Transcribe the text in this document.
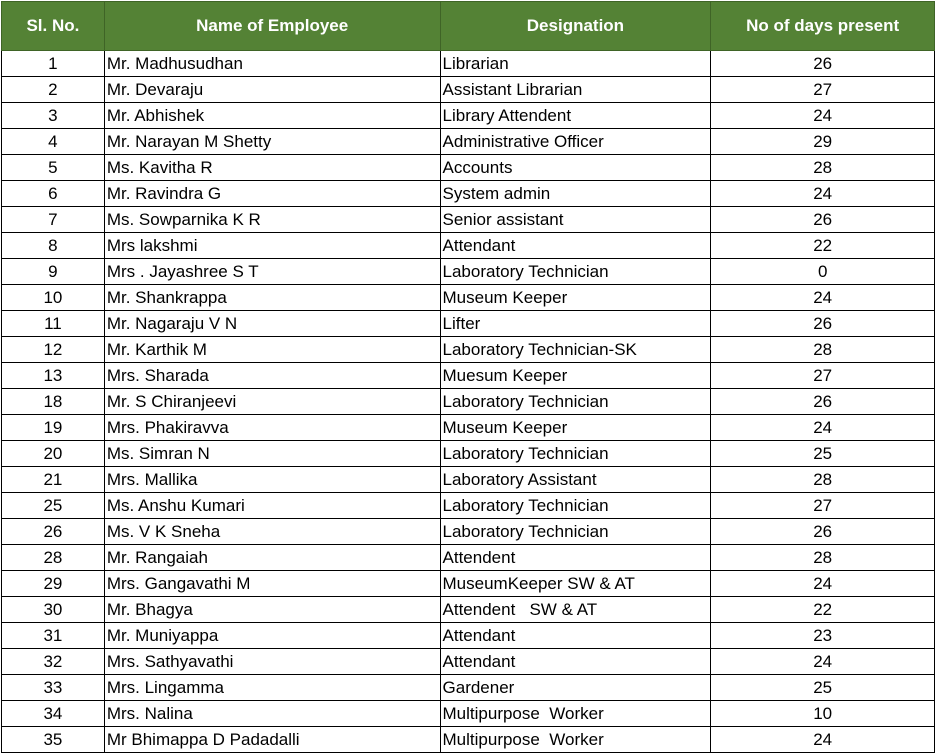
Sl. No.	Name of Employee	Designation	No of days present
1	Mr. Madhusudhan	Librarian	26
2	Mr. Devaraju	Assistant Librarian	27
3	Mr. Abhishek	Library Attendent	24
4	Mr. Narayan M Shetty	Administrative Officer	29
5	Ms. Kavitha R	Accounts	28
6	Mr. Ravindra G	System admin	24
7	Ms. Sowparnika K R	Senior assistant	26
8	Mrs lakshmi	Attendant	22
9	Mrs . Jayashree S T	Laboratory Technician	0
10	Mr. Shankrappa	Museum Keeper	24
11	Mr. Nagaraju V N	Lifter	26
12	Mr. Karthik M	Laboratory Technician-SK	28
13	Mrs. Sharada	Muesum Keeper	27
18	Mr. S Chiranjeevi	Laboratory Technician	26
19	Mrs. Phakiravva	Museum Keeper	24
20	Ms. Simran N	Laboratory Technician	25
21	Mrs. Mallika	Laboratory Assistant	28
25	Ms. Anshu Kumari	Laboratory Technician	27
26	Ms. V K Sneha	Laboratory Technician	26
28	Mr. Rangaiah	Attendent	28
29	Mrs. Gangavathi M	MuseumKeeper SW & AT	24
30	Mr. Bhagya	Attendent   SW & AT	22
31	Mr. Muniyappa	Attendant	23
32	Mrs. Sathyavathi	Attendant	24
33	Mrs. Lingamma	Gardener	25
34	Mrs. Nalina	Multipurpose  Worker	10
35	Mr Bhimappa D Padadalli	Multipurpose  Worker	24
